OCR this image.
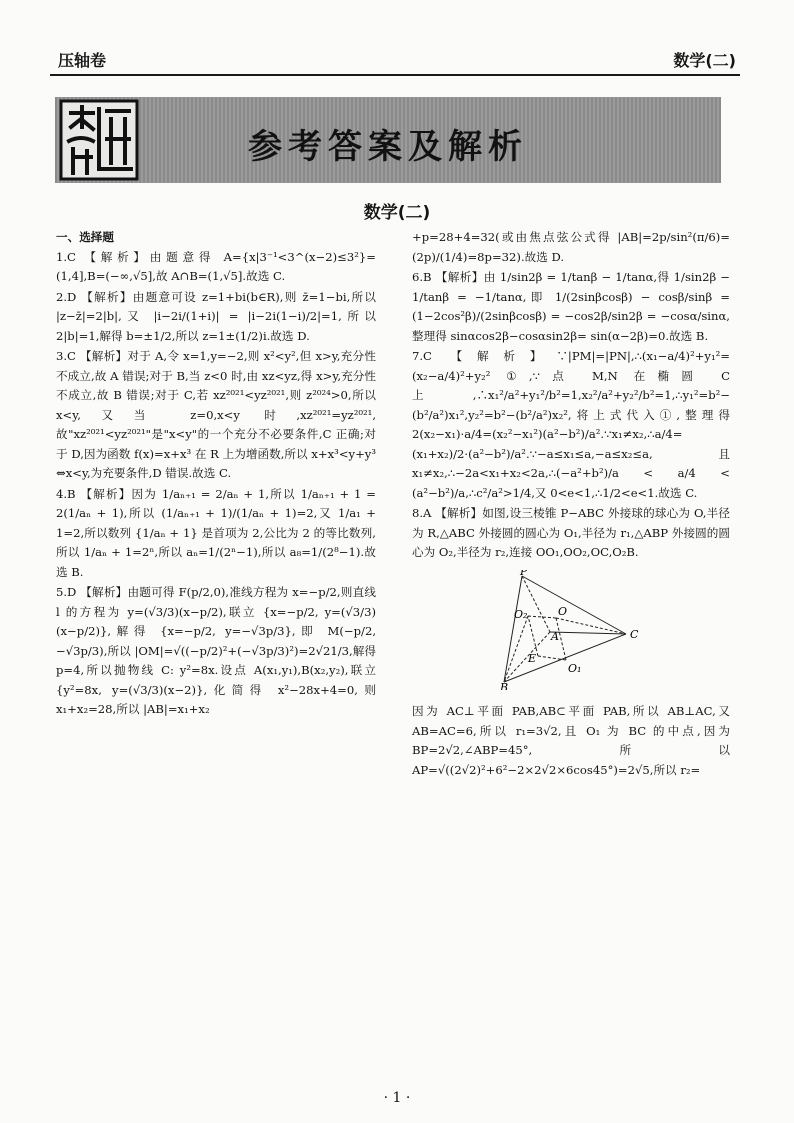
压轴卷	数学(二)
参考答案及解析
数学(二)
一、选择题
1.C 【解析】由题意得 A={x|3⁻¹<3^(x−2)≤3²}=(1,4],B=(−∞,√5],故 A∩B=(1,√5].故选 C.
2.D 【解析】由题意可设 z=1+bi(b∈R),则 z̄=1−bi,所以 |z−z̄|=2|b|,又 |i−2i/(1+i)| = |i−2i(1−i)/2|=1,所以 2|b|=1,解得 b=±1/2,所以 z=1±(1/2)i.故选 D.
3.C 【解析】对于 A,令 x=1,y=−2,则 x²<y²,但 x>y,充分性不成立,故 A 错误;对于 B,当 z<0 时,由 xz<yz,得 x>y,充分性不成立,故 B 错误;对于 C,若 xz²⁰²¹<yz²⁰²¹,则 z²⁰²⁴>0,所以 x<y,又当 z=0,x<y 时,xz²⁰²¹=yz²⁰²¹,故"xz²⁰²¹<yz²⁰²¹"是"x<y"的一个充分不必要条件,C 正确;对于 D,因为函数 f(x)=x+x³ 在 R 上为增函数,所以 x+x³<y+y³ ⇔x<y,为充要条件,D 错误.故选 C.
4.B 【解析】因为 1/aₙ₊₁ = 2/aₙ + 1,所以 1/aₙ₊₁ + 1 = 2(1/aₙ + 1),所以 (1/aₙ₊₁ + 1)/(1/aₙ + 1)=2,又 1/a₁ + 1=2,所以数列 {1/aₙ + 1} 是首项为 2,公比为 2 的等比数列,所以 1/aₙ + 1=2ⁿ,所以 aₙ=1/(2ⁿ−1),所以 a₈=1/(2⁸−1).故选 B.
5.D 【解析】由题可得 F(p/2,0),准线方程为 x=−p/2,则直线 l 的方程为 y=(√3/3)(x−p/2),联立 {x=−p/2, y=(√3/3)(x−p/2)},解得 {x=−p/2, y=−√3p/3},即 M(−p/2, −√3p/3),所以 |OM|=√((−p/2)²+(−√3p/3)²)=2√21/3,解得 p=4,所以抛物线 C: y²=8x.设点 A(x₁,y₁),B(x₂,y₂),联立 {y²=8x, y=(√3/3)(x−2)},化简得 x²−28x+4=0,则 x₁+x₂=28,所以 |AB|=x₁+x₂
+p=28+4=32(或由焦点弦公式得 |AB|=2p/sin²(π/6)=(2p)/(1/4)=8p=32).故选 D.
6.B 【解析】由 1/sin2β = 1/tanβ − 1/tanα,得 1/sin2β − 1/tanβ = −1/tanα,即 1/(2sinβcosβ) − cosβ/sinβ = (1−2cos²β)/(2sinβcosβ) = −cos2β/sin2β = −cosα/sinα,整理得 sinαcos2β−cosαsin2β= sin(α−2β)=0.故选 B.
7.C 【解析】∵|PM|=|PN|,∴(x₁−a/4)²+y₁²=(x₂−a/4)²+y₂² ①,∵点 M,N 在椭圆 C 上,∴x₁²/a²+y₁²/b²=1,x₂²/a²+y₂²/b²=1,∴y₁²=b²−(b²/a²)x₁²,y₂²=b²−(b²/a²)x₂²,将上式代入①,整理得 2(x₂−x₁)·a/4=(x₂²−x₁²)(a²−b²)/a².∵x₁≠x₂,∴a/4=(x₁+x₂)/2·(a²−b²)/a².∵−a≤x₁≤a,−a≤x₂≤a,且 x₁≠x₂,∴−2a<x₁+x₂<2a,∴(−a²+b²)/a < a/4 < (a²−b²)/a,∴c²/a²>1/4,又 0<e<1,∴1/2<e<1.故选 C.
8.A 【解析】如图,设三棱锥 P−ABC 外接球的球心为 O,半径为 R,△ABC 外接圆的圆心为 O₁,半径为 r₁,△ABP 外接圆的圆心为 O₂,半径为 r₂,连接 OO₁,OO₂,OC,O₂B.
P
O₂	O
A
E
O₁
C
B
因为 AC⊥平面 PAB,AB⊂平面 PAB,所以 AB⊥AC,又 AB=AC=6,所以 r₁=3√2,且 O₁ 为 BC 的中点,因为 BP=2√2,∠ABP=45°,所以 AP=√((2√2)²+6²−2×2√2×6cos45°)=2√5,所以 r₂=
· 1 ·
